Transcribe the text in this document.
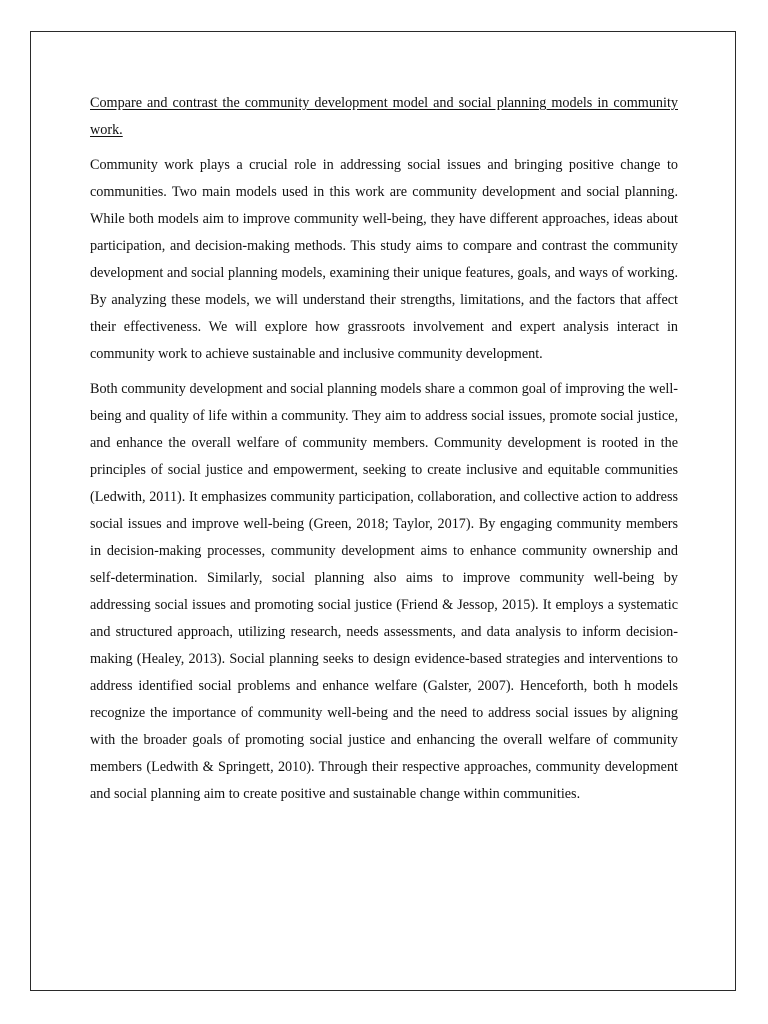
Compare and contrast the community development model and social planning models in community work.

Community work plays a crucial role in addressing social issues and bringing positive change to communities. Two main models used in this work are community development and social planning. While both models aim to improve community well-being, they have different approaches, ideas about participation, and decision-making methods. This study aims to compare and contrast the community development and social planning models, examining their unique features, goals, and ways of working. By analyzing these models, we will understand their strengths, limitations, and the factors that affect their effectiveness. We will explore how grassroots involvement and expert analysis interact in community work to achieve sustainable and inclusive community development.

Both community development and social planning models share a common goal of improving the well-being and quality of life within a community. They aim to address social issues, promote social justice, and enhance the overall welfare of community members. Community development is rooted in the principles of social justice and empowerment, seeking to create inclusive and equitable communities (Ledwith, 2011). It emphasizes community participation, collaboration, and collective action to address social issues and improve well-being (Green, 2018; Taylor, 2017). By engaging community members in decision-making processes, community development aims to enhance community ownership and self-determination. Similarly, social planning also aims to improve community well-being by addressing social issues and promoting social justice (Friend & Jessop, 2015). It employs a systematic and structured approach, utilizing research, needs assessments, and data analysis to inform decision-making (Healey, 2013). Social planning seeks to design evidence-based strategies and interventions to address identified social problems and enhance welfare (Galster, 2007). Henceforth, both h models recognize the importance of community well-being and the need to address social issues by aligning with the broader goals of promoting social justice and enhancing the overall welfare of community members (Ledwith & Springett, 2010). Through their respective approaches, community development and social planning aim to create positive and sustainable change within communities.
